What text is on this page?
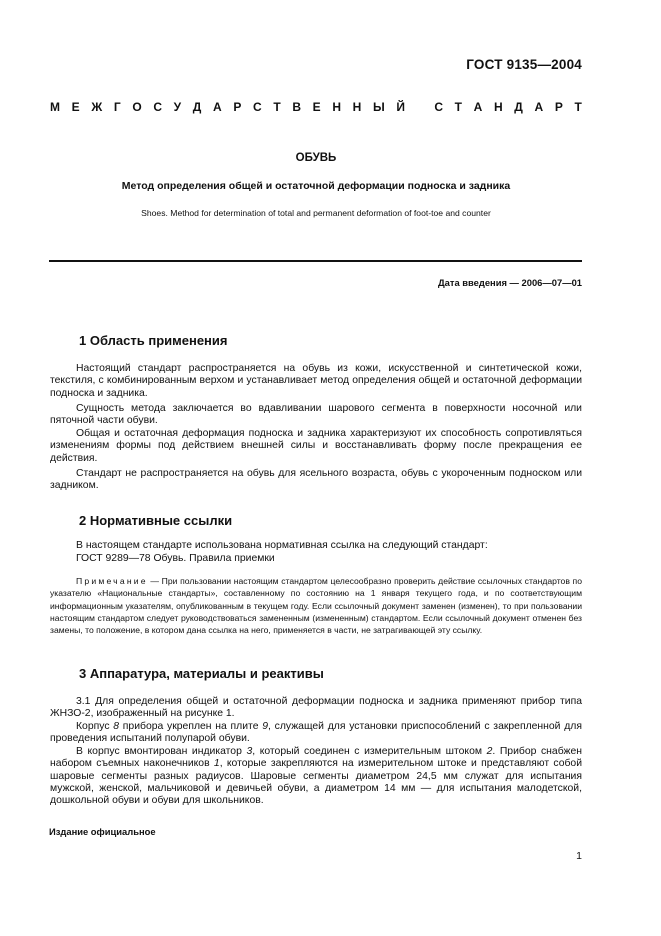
ГОСТ 9135—2004
М Е Ж Г О С У Д А Р С Т В Е Н Н Ы Й С Т А Н Д А Р Т
ОБУВЬ
Метод определения общей и остаточной деформации подноска и задника
Shoes. Method for determination of total and permanent deformation of foot-toe and counter
Дата введения — 2006—07—01
1 Область применения

Настоящий стандарт распространяется на обувь из кожи, искусственной и синтетической кожи, текстиля, с комбинированным верхом и устанавливает метод определения общей и остаточной деформации подноска и задника.

Сущность метода заключается во вдавливании шарового сегмента в поверхности носочной или пяточной части обуви.

Общая и остаточная деформация подноска и задника характеризуют их способность сопротивляться изменениям формы под действием внешней силы и восстанавливать форму после прекращения ее действия.

Стандарт не распространяется на обувь для ясельного возраста, обувь с укороченным подноском или задником.

2 Нормативные ссылки

В настоящем стандарте использована нормативная ссылка на следующий стандарт:

ГОСТ 9289—78 Обувь. Правила приемки

Примечание — При пользовании настоящим стандартом целесообразно проверить действие ссылочных стандартов по указателю «Национальные стандарты», составленному по состоянию на 1 января текущего года, и по соответствующим информационным указателям, опубликованным в текущем году. Если ссылочный документ заменен (изменен), то при пользовании настоящим стандартом следует руководствоваться замененным (измененным) стандартом. Если ссылочный документ отменен без замены, то положение, в котором дана ссылка на него, применяется в части, не затрагивающей эту ссылку.

3 Аппаратура, материалы и реактивы

3.1 Для определения общей и остаточной деформации подноска и задника применяют прибор типа ЖНЗО-2, изображенный на рисунке 1.

Корпус 8 прибора укреплен на плите 9, служащей для установки приспособлений с закрепленной для проведения испытаний полупарой обуви.

В корпус вмонтирован индикатор 3, который соединен с измерительным штоком 2. Прибор снабжен набором съемных наконечников 1, которые закрепляются на измерительном штоке и представляют собой шаровые сегменты разных радиусов. Шаровые сегменты диаметром 24,5 мм служат для испытания мужской, женской, мальчиковой и девичьей обуви, а диаметром 14 мм — для испытания малодетской, дошкольной обуви и обуви для школьников.

Издание официальное
1
